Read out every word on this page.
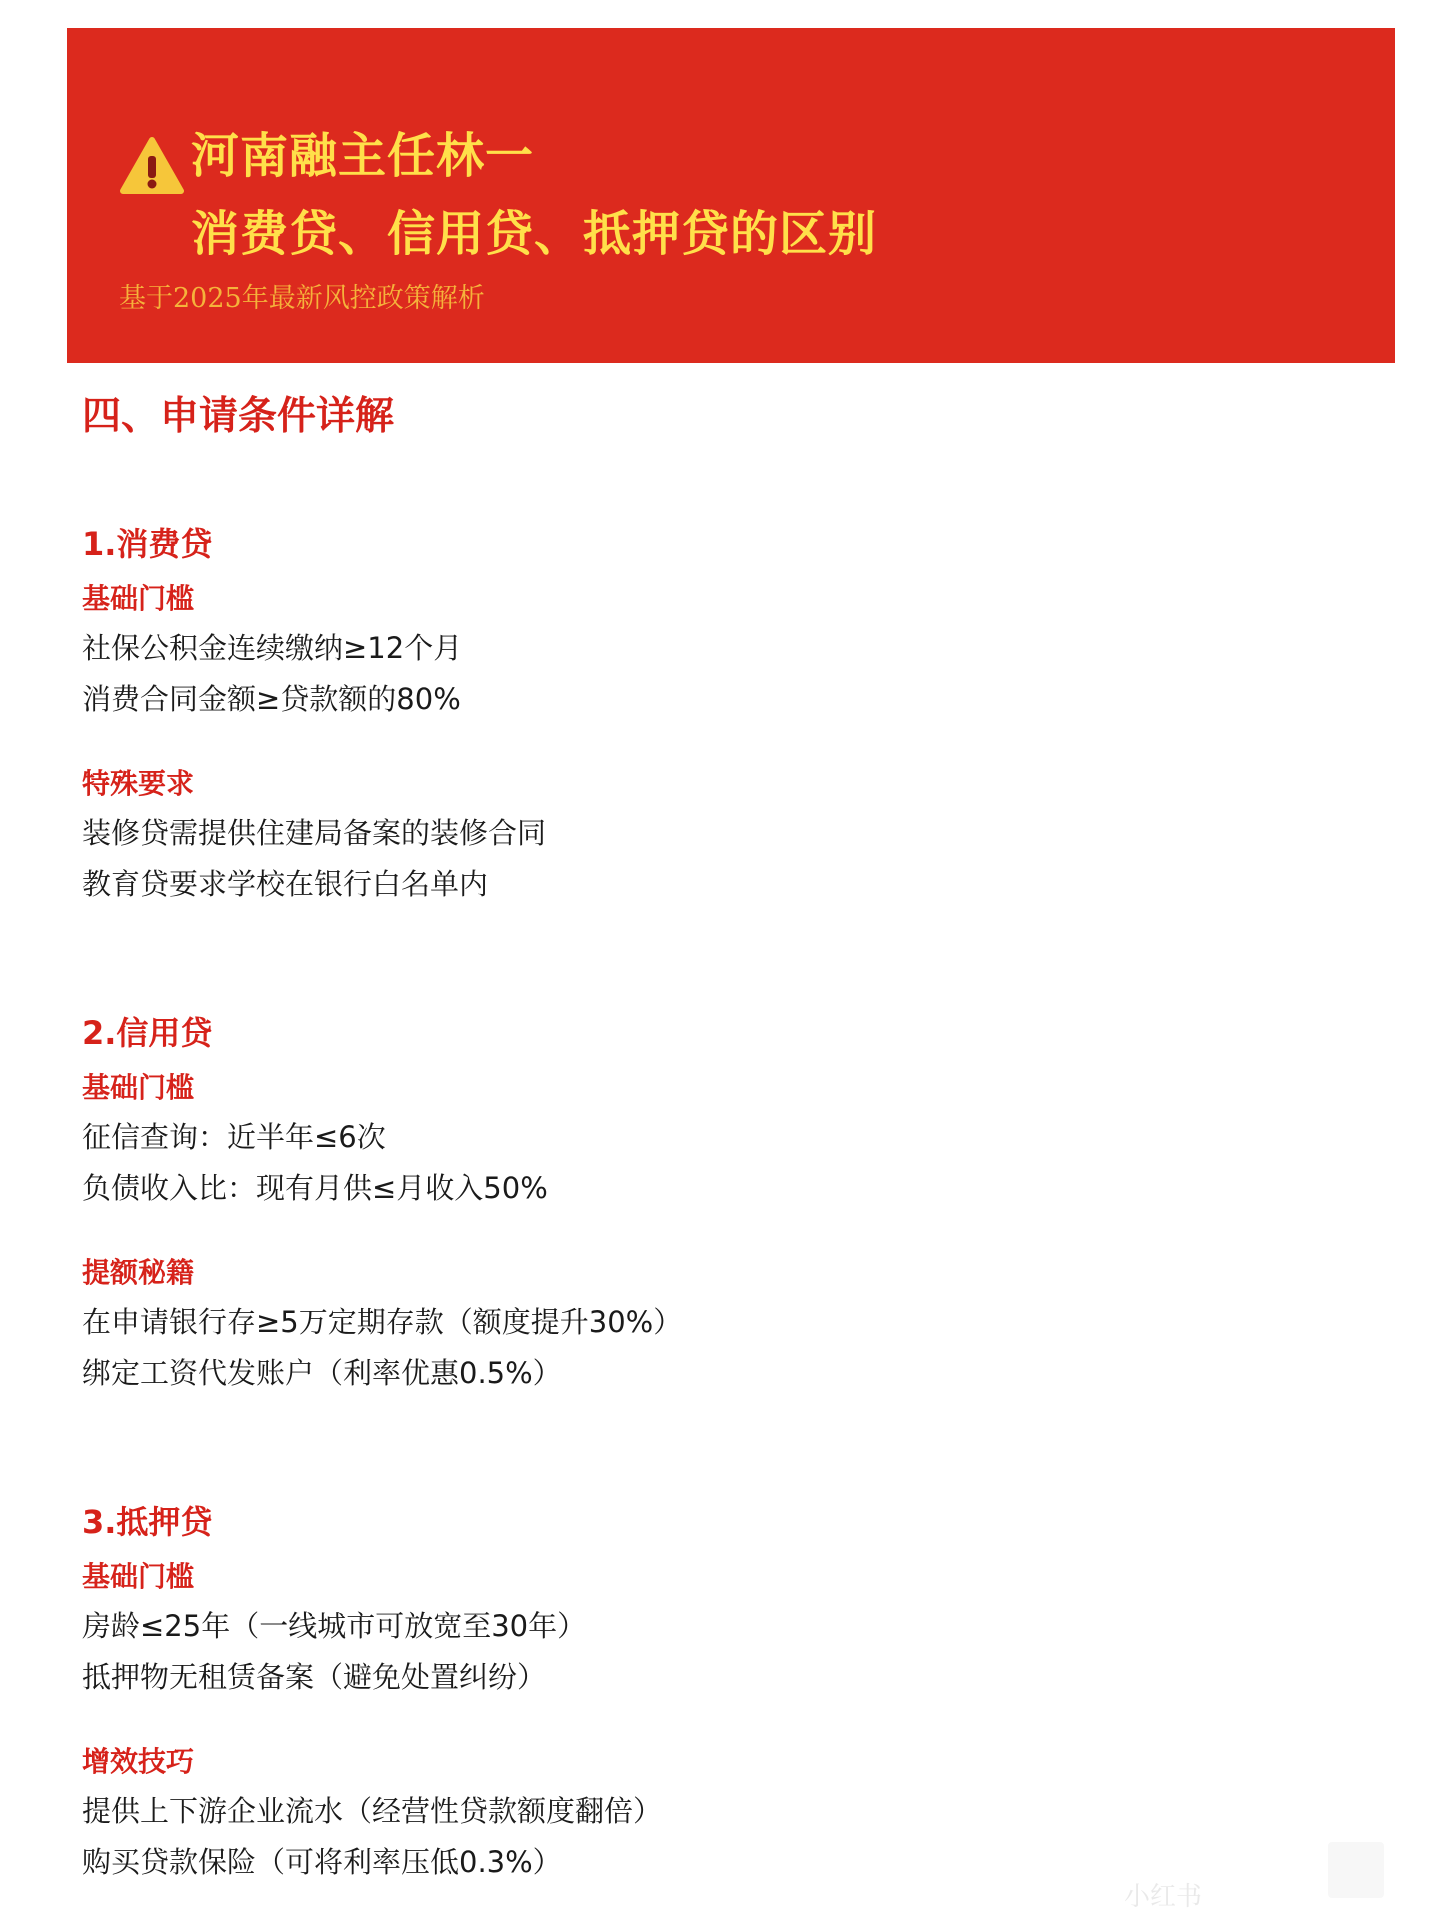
河南融主任林一
消费贷、信用贷、抵押贷的区别

基于2025年最新风控政策解析

四、申请条件详解
1.消费贷
基础门槛

社保公积金连续缴纳≥12个月

消费合同金额≥贷款额的80%

特殊要求

装修贷需提供住建局备案的装修合同

教育贷要求学校在银行白名单内

2.信用贷
基础门槛

征信查询：近半年≤6次

负债收入比：现有月供≤月收入50%

提额秘籍

在申请银行存≥5万定期存款（额度提升30%）

绑定工资代发账户（利率优惠0.5%）

3.抵押贷
基础门槛

房龄≤25年（一线城市可放宽至30年）

抵押物无租赁备案（避免处置纠纷）

增效技巧

提供上下游企业流水（经营性贷款额度翻倍）

购买贷款保险（可将利率压低0.3%）

小红书
